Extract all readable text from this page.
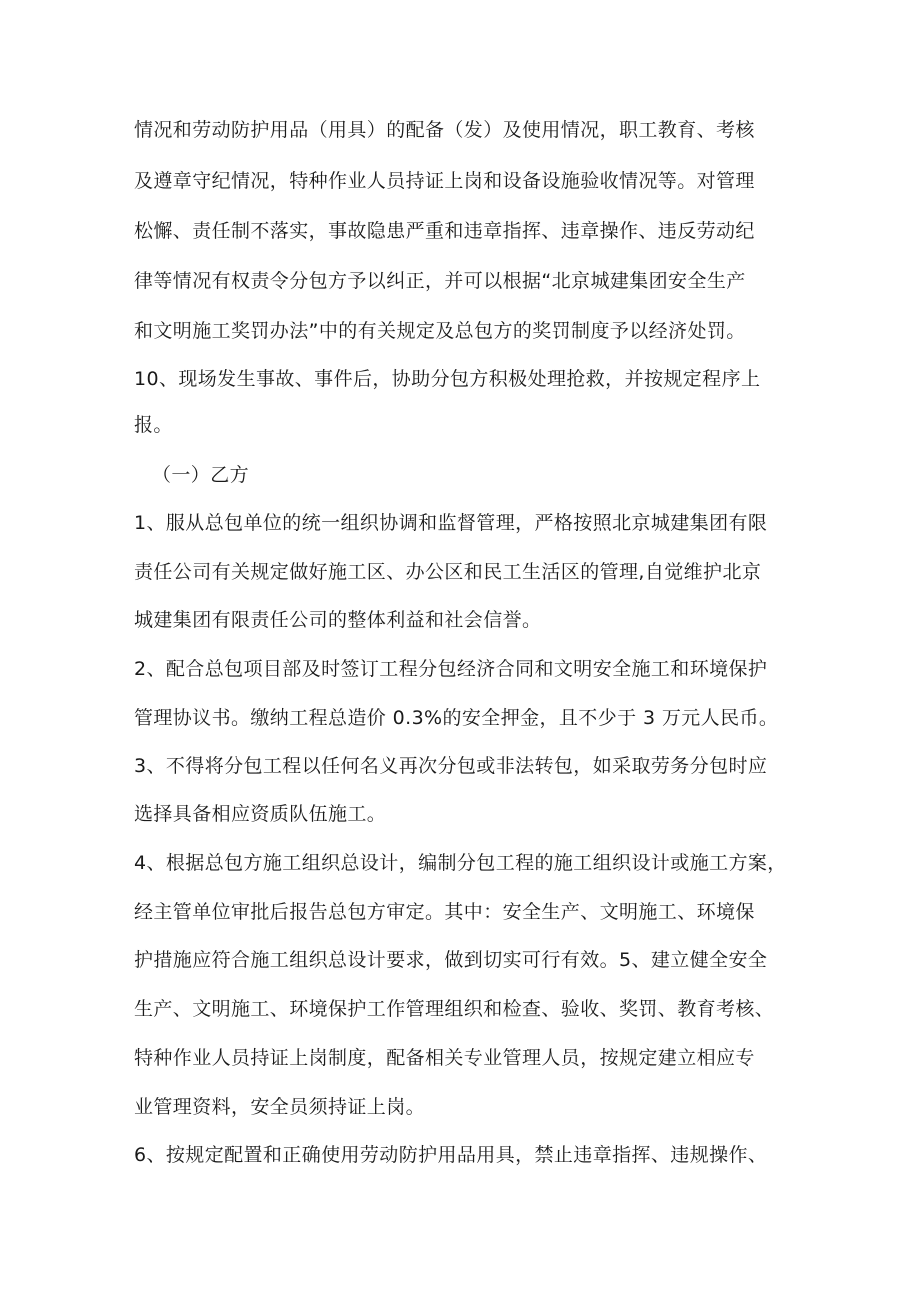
情况和劳动防护用品（用具）的配备（发）及使用情况，职工教育、考核
及遵章守纪情况，特种作业人员持证上岗和设备设施验收情况等。对管理
松懈、责任制不落实，事故隐患严重和违章指挥、违章操作、违反劳动纪
律等情况有权责令分包方予以纠正，并可以根据“北京城建集团安全生产
和文明施工奖罚办法”中的有关规定及总包方的奖罚制度予以经济处罚。
10、现场发生事故、事件后，协助分包方积极处理抢救，并按规定程序上
报。
（一）乙方
1、服从总包单位的统一组织协调和监督管理，严格按照北京城建集团有限
责任公司有关规定做好施工区、办公区和民工生活区的管理,自觉维护北京
城建集团有限责任公司的整体利益和社会信誉。
2、配合总包项目部及时签订工程分包经济合同和文明安全施工和环境保护
管理协议书。缴纳工程总造价 0.3%的安全押金，且不少于 3 万元人民币。
3、不得将分包工程以任何名义再次分包或非法转包，如采取劳务分包时应
选择具备相应资质队伍施工。
4、根据总包方施工组织总设计，编制分包工程的施工组织设计或施工方案，
经主管单位审批后报告总包方审定。其中：安全生产、文明施工、环境保
护措施应符合施工组织总设计要求，做到切实可行有效。5、建立健全安全
生产、文明施工、环境保护工作管理组织和检查、验收、奖罚、教育考核、
特种作业人员持证上岗制度，配备相关专业管理人员，按规定建立相应专
业管理资料，安全员须持证上岗。
6、按规定配置和正确使用劳动防护用品用具，禁止违章指挥、违规操作、
